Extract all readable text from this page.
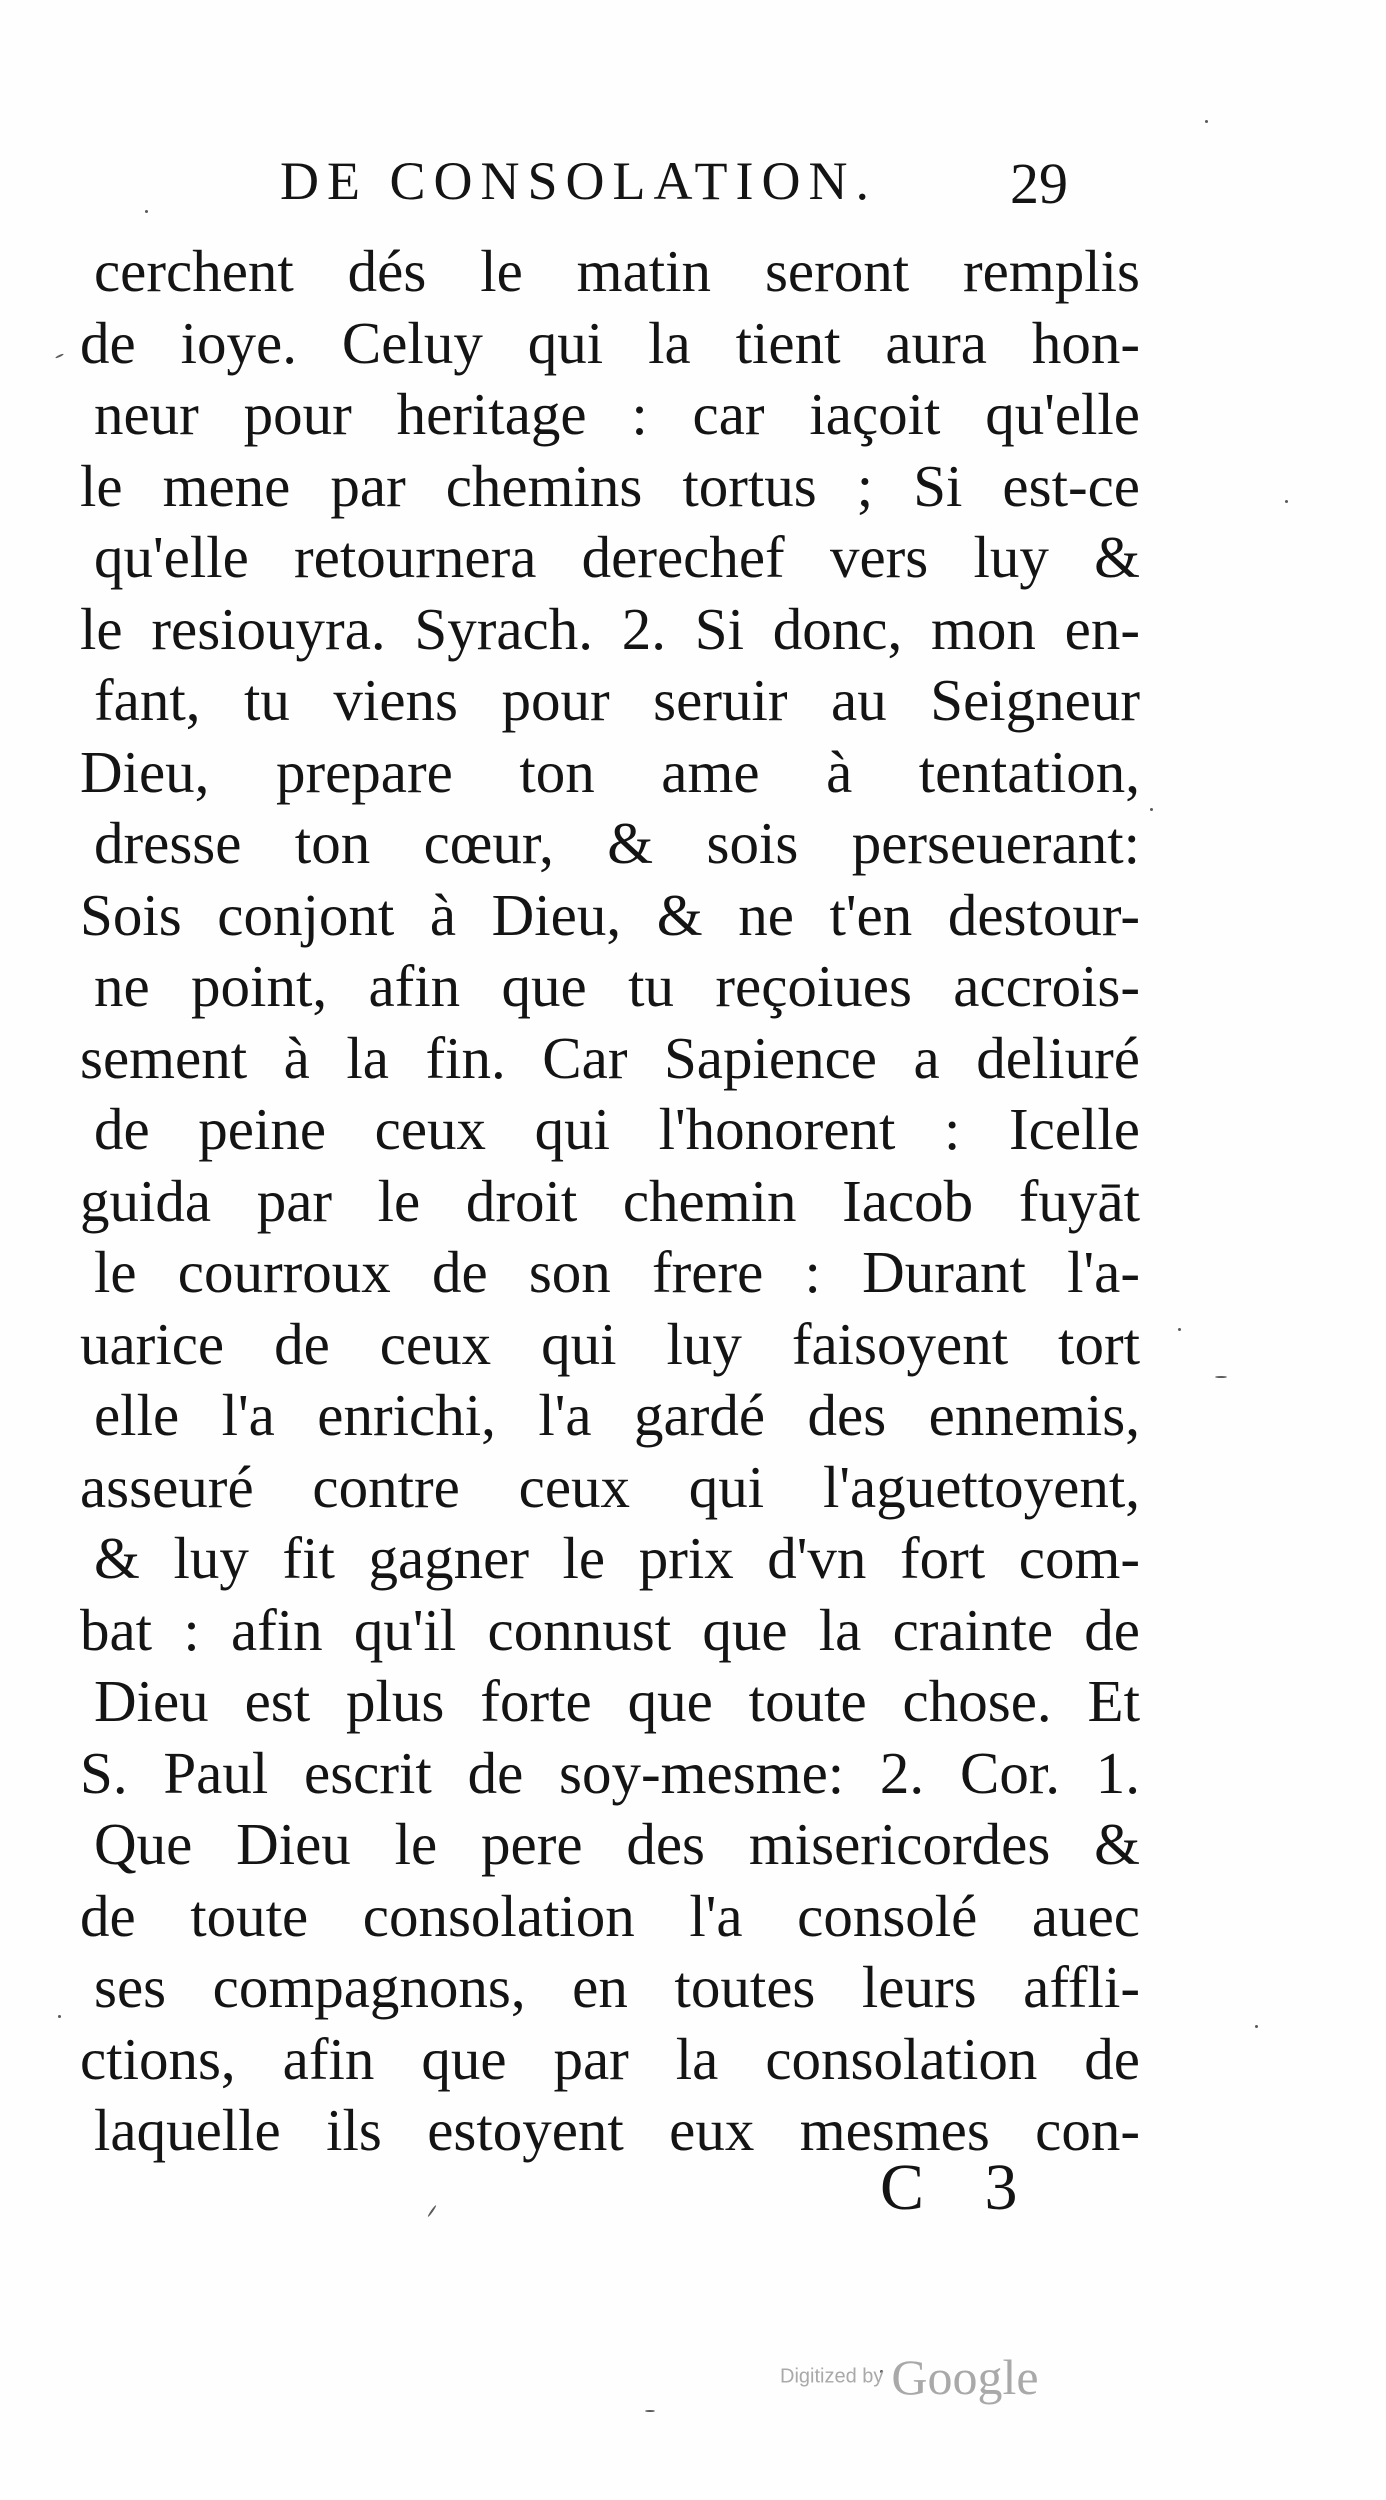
DE CONSOLATION. 29
cerchent dés le matin seront remplis
de ioye. Celuy qui la tient aura hon-
neur pour heritage : car iaçoit qu'elle
le mene par chemins tortus ; Si est-ce
qu'elle retournera derechef vers luy &
le resiouyra. Syrach. 2. Si donc, mon en-
fant, tu viens pour seruir au Seigneur
Dieu, prepare ton ame à tentation,
dresse ton cœur, & sois perseuerant:
Sois conjont à Dieu, & ne t'en destour-
ne point, afin que tu reçoiues accrois-
sement à la fin. Car Sapience a deliuré
de peine ceux qui l'honorent : Icelle
guida par le droit chemin Iacob fuyāt
le courroux de son frere : Durant l'a-
uarice de ceux qui luy faisoyent tort
elle l'a enrichi, l'a gardé des ennemis,
asseuré contre ceux qui l'aguettoyent,
& luy fit gagner le prix d'vn fort com-
bat : afin qu'il connust que la crainte de
Dieu est plus forte que toute chose. Et
S. Paul escrit de soy-mesme: 2. Cor. 1.
Que Dieu le pere des misericordes &
de toute consolation l'a consolé auec
ses compagnons, en toutes leurs affli-
ctions, afin que par la consolation de
laquelle ils estoyent eux mesmes con-
C 3
Digitized by Google
